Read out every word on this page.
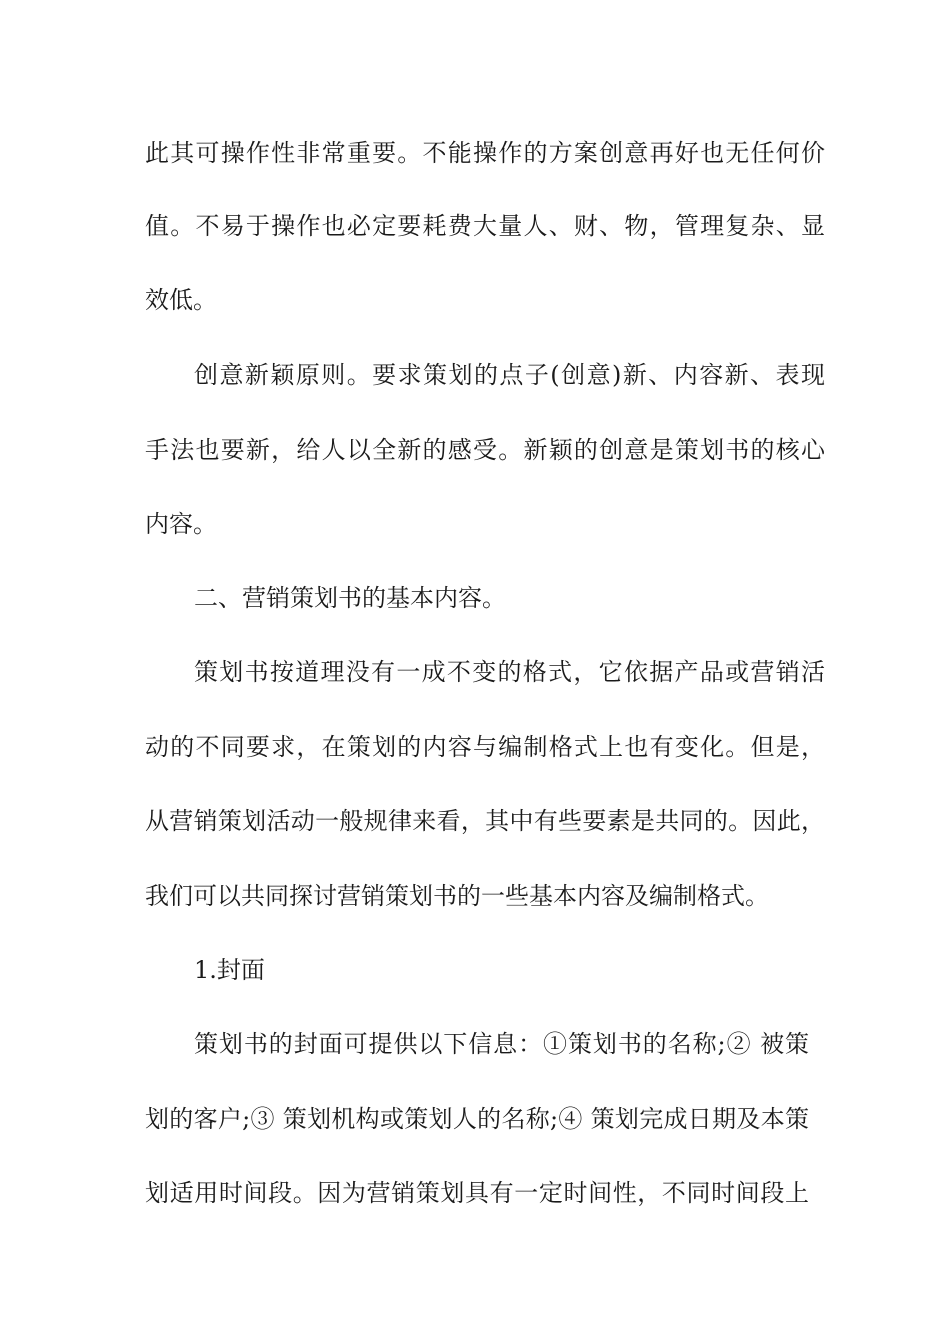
此其可操作性非常重要。不能操作的方案创意再好也无任何价
值。不易于操作也必定要耗费大量人、财、物，管理复杂、显
效低。
创意新颖原则。要求策划的点子(创意)新、内容新、表现
手法也要新，给人以全新的感受。新颖的创意是策划书的核心
内容。
二、营销策划书的基本内容。
策划书按道理没有一成不变的格式，它依据产品或营销活
动的不同要求，在策划的内容与编制格式上也有变化。但是，
从营销策划活动一般规律来看，其中有些要素是共同的。因此，
我们可以共同探讨营销策划书的一些基本内容及编制格式。
1.封面
策划书的封面可提供以下信息：①策划书的名称;② 被策
划的客户;③ 策划机构或策划人的名称;④ 策划完成日期及本策
划适用时间段。因为营销策划具有一定时间性，不同时间段上
